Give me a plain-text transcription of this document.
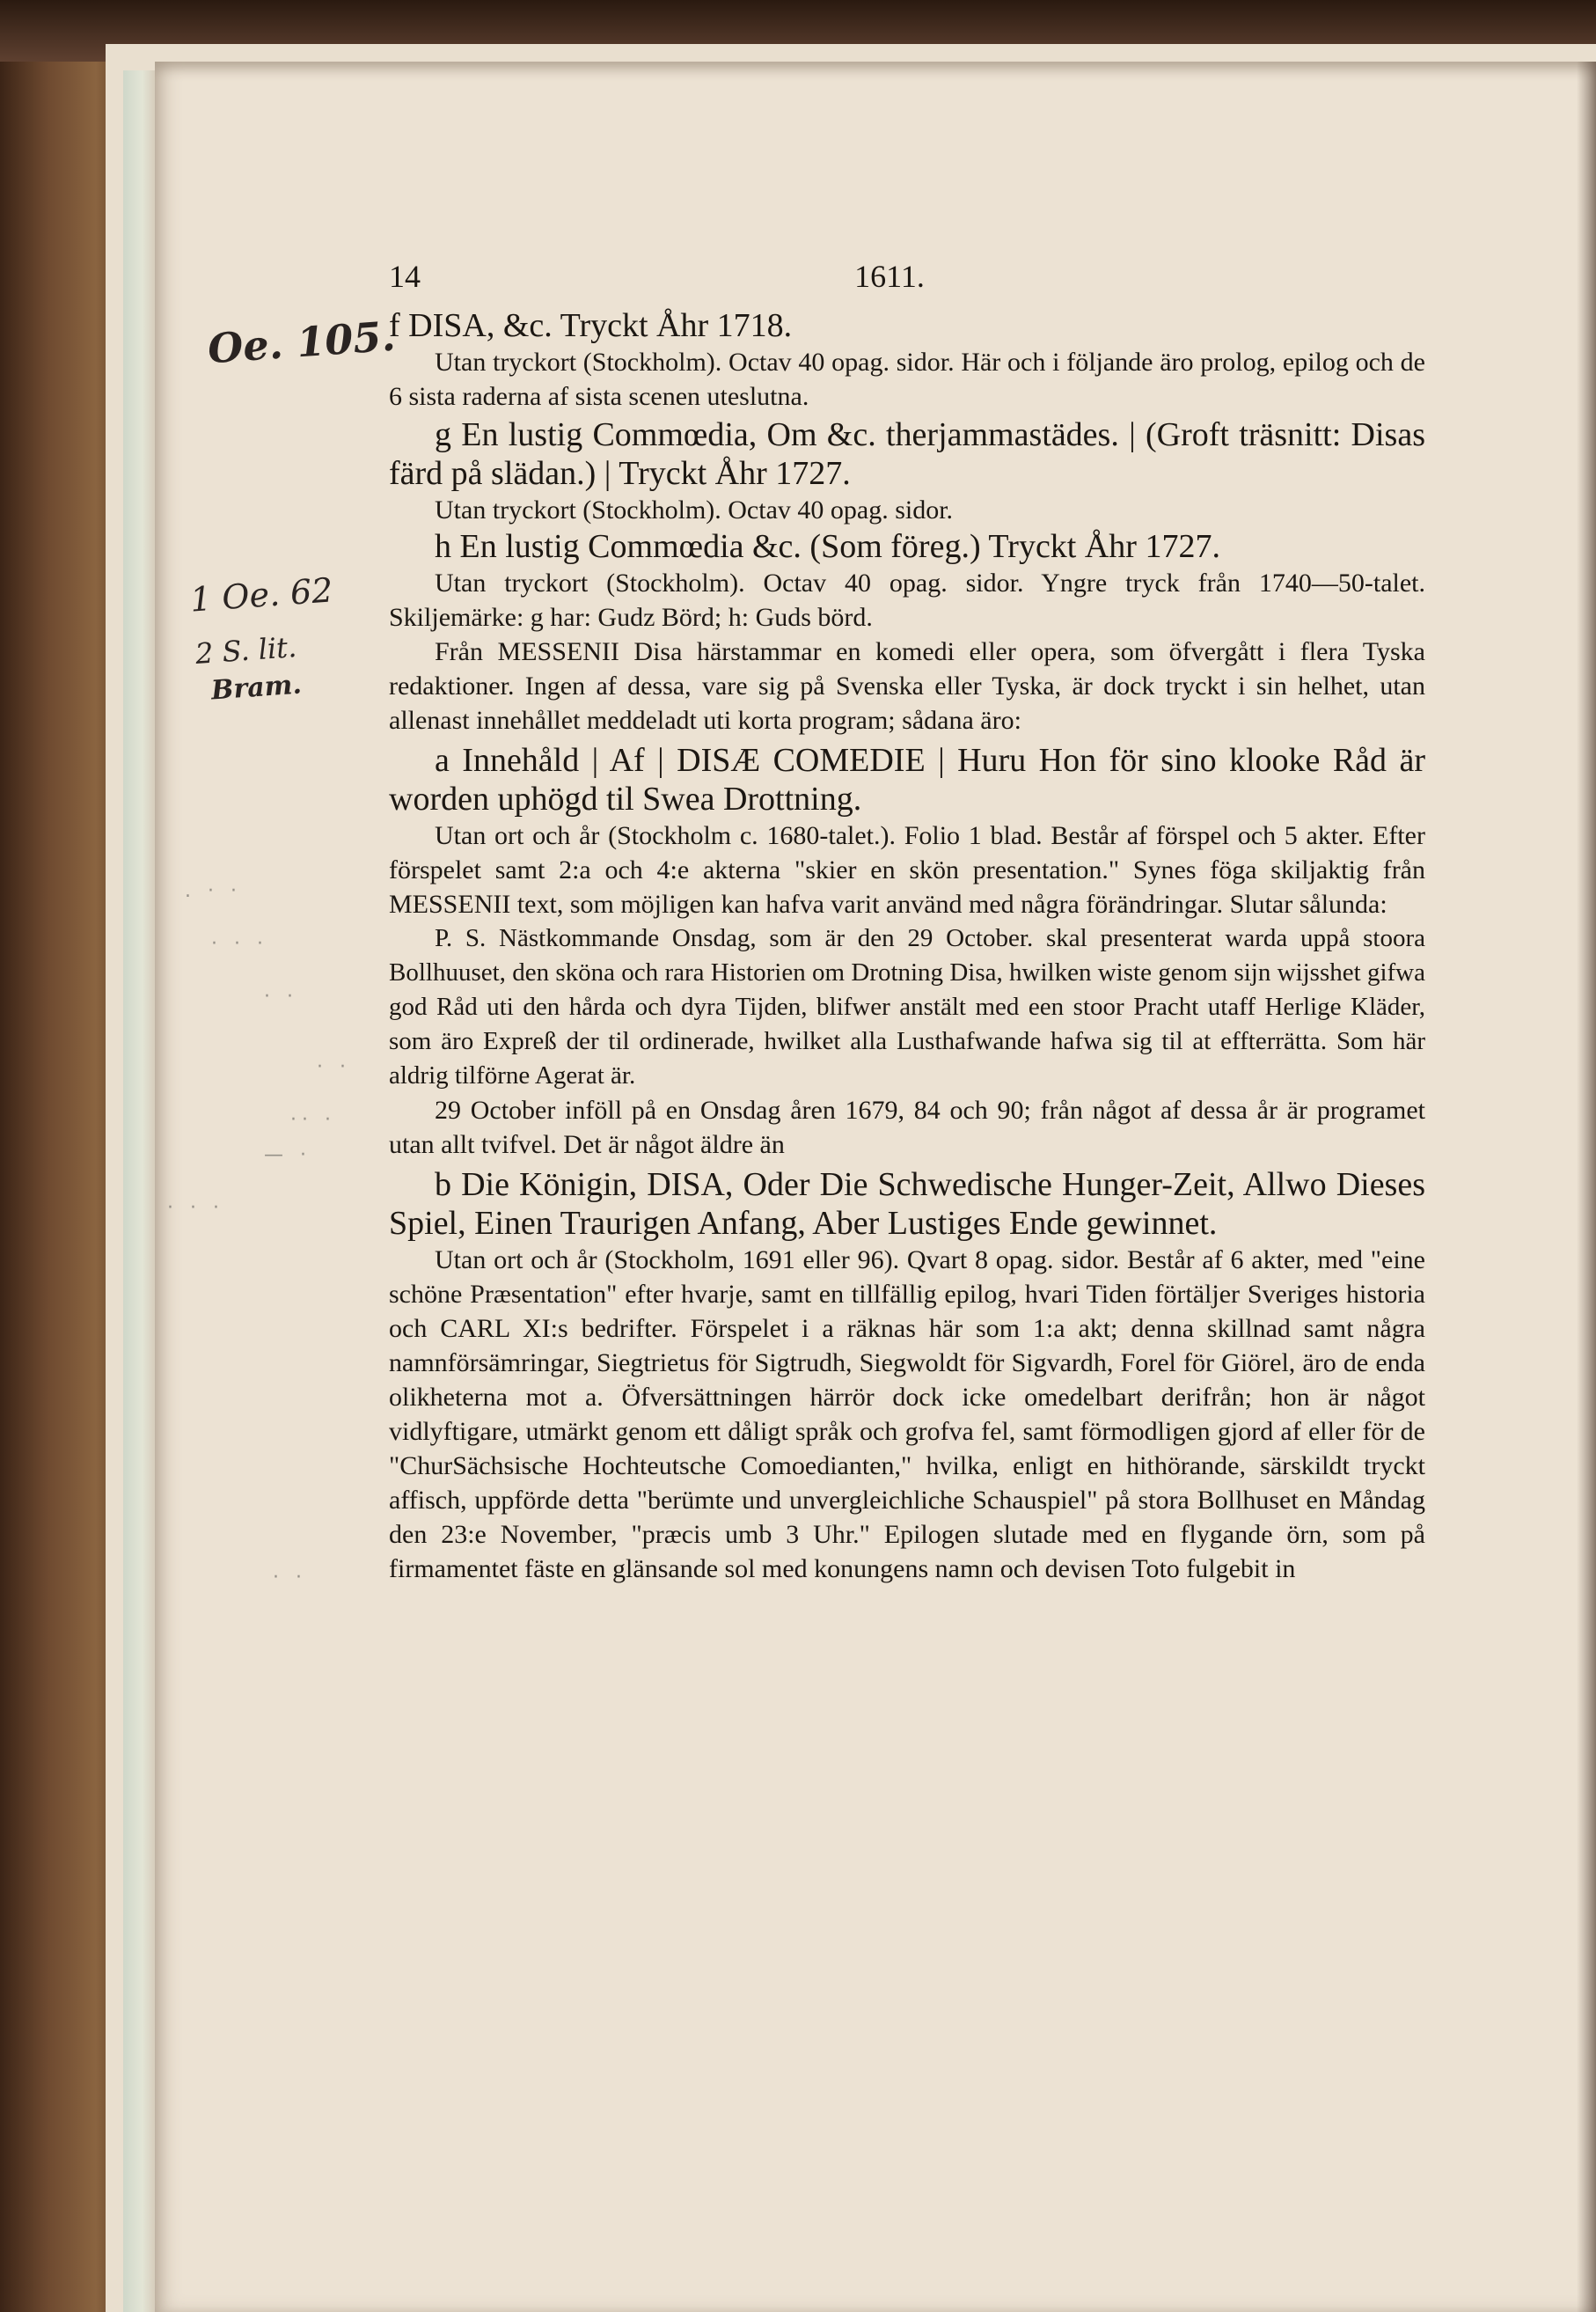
Oe. 105.
1 Oe. 62
2 S. lit.
Bram.
. · ·
· · ·
· ·
· ·
·· ·
— ·
· · ·
· ·
14	1611.

f DISA, &c. Tryckt Åhr 1718.

Utan tryckort (Stockholm). Octav 40 opag. sidor. Här och i följande äro prolog, epilog och de 6 sista raderna af sista scenen uteslutna.

g En lustig Commœdia, Om &c. therjammastädes. | (Groft träsnitt: Disas färd på slädan.) | Tryckt Åhr 1727.

Utan tryckort (Stockholm). Octav 40 opag. sidor.

h En lustig Commœdia &c. (Som föreg.) Tryckt Åhr 1727.

Utan tryckort (Stockholm). Octav 40 opag. sidor. Yngre tryck från 1740—50-talet. Skiljemärke: g har: Gudz Börd; h: Guds börd.

Från MESSENII Disa härstammar en komedi eller opera, som öfvergått i flera Tyska redaktioner. Ingen af dessa, vare sig på Svenska eller Tyska, är dock tryckt i sin helhet, utan allenast innehållet meddeladt uti korta program; sådana äro:

a Innehåld | Af | DISÆ COMEDIE | Huru Hon för sino klooke Råd är worden uphögd til Swea Drottning.

Utan ort och år (Stockholm c. 1680-talet.). Folio 1 blad. Består af förspel och 5 akter. Efter förspelet samt 2:a och 4:e akterna "skier en skön presentation." Synes föga skiljaktig från MESSENII text, som möjligen kan hafva varit använd med några förändringar. Slutar sålunda:

P. S. Nästkommande Onsdag, som är den 29 October. skal presenterat warda uppå stoora Bollhuuset, den sköna och rara Historien om Drotning Disa, hwilken wiste genom sijn wijsshet gifwa god Råd uti den hårda och dyra Tijden, blifwer anstält med een stoor Pracht utaff Herlige Kläder, som äro Expreß der til ordinerade, hwilket alla Lusthafwande hafwa sig til at effterrätta. Som här aldrig tilförne Agerat är.

29 October inföll på en Onsdag åren 1679, 84 och 90; från något af dessa år är programet utan allt tvifvel. Det är något äldre än

b Die Königin, DISA, Oder Die Schwedische Hunger-Zeit, Allwo Dieses Spiel, Einen Traurigen Anfang, Aber Lustiges Ende gewinnet.

Utan ort och år (Stockholm, 1691 eller 96). Qvart 8 opag. sidor. Består af 6 akter, med "eine schöne Præsentation" efter hvarje, samt en tillfällig epilog, hvari Tiden förtäljer Sveriges historia och CARL XI:s bedrifter. Förspelet i a räknas här som 1:a akt; denna skillnad samt några namnförsämringar, Siegtrietus för Sigtrudh, Siegwoldt för Sigvardh, Forel för Giörel, äro de enda olikheterna mot a. Öfversättningen härrör dock icke omedelbart derifrån; hon är något vidlyftigare, utmärkt genom ett dåligt språk och grofva fel, samt förmodligen gjord af eller för de "ChurSächsische Hochteutsche Comoedianten," hvilka, enligt en hithörande, särskildt tryckt affisch, uppförde detta "berümte und unvergleichliche Schauspiel" på stora Bollhuset en Måndag den 23:e November, "præcis umb 3 Uhr." Epilogen slutade med en flygande örn, som på firmamentet fäste en glänsande sol med konungens namn och devisen Toto fulgebit in
